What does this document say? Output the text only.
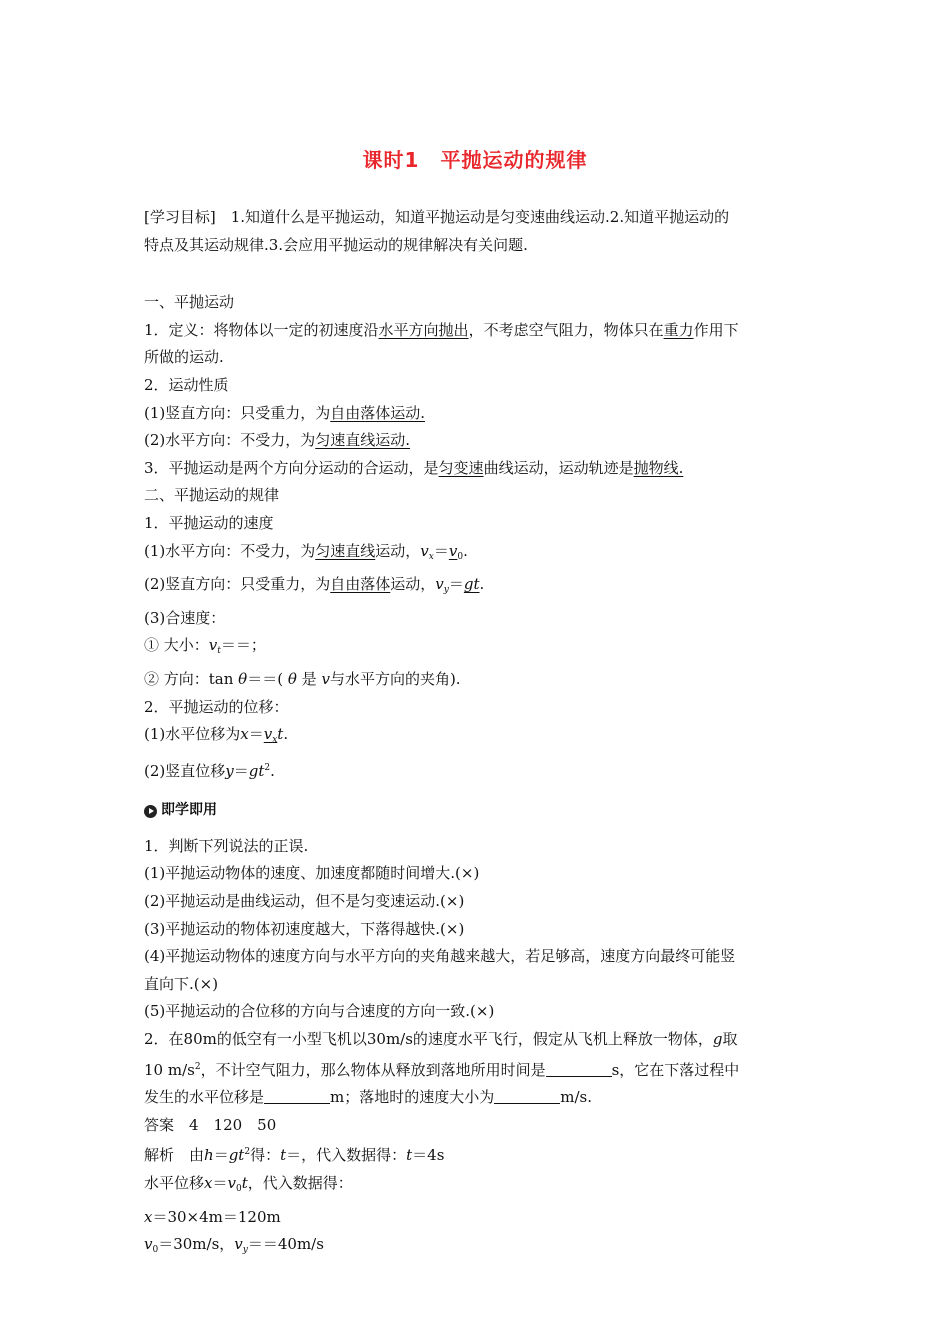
课时1　平抛运动的规律
[学习目标]　1.知道什么是平抛运动，知道平抛运动是匀变速曲线运动.2.知道平抛运动的
特点及其运动规律.3.会应用平抛运动的规律解决有关问题.
一、平抛运动
1．定义：将物体以一定的初速度沿水平方向抛出，不考虑空气阻力，物体只在重力作用下
所做的运动.
2．运动性质
(1)竖直方向：只受重力，为自由落体运动.
(2)水平方向：不受力，为匀速直线运动.
3．平抛运动是两个方向分运动的合运动，是匀变速曲线运动，运动轨迹是抛物线.
二、平抛运动的规律
1．平抛运动的速度
(1)水平方向：不受力，为匀速直线运动，$v_x=v_0$.
(2)竖直方向：只受重力，为自由落体运动，$v_y=gt$.
(3)合速度：
① 大小：$v_t==$；
② 方向：tan θ＝＝( θ 是 v与水平方向的夹角).
2．平抛运动的位移：
(1)水平位移为$x=v_xt$.
(2)竖直位移$y=gt^2$.
即学即用
1．判断下列说法的正误.
(1)平抛运动物体的速度、加速度都随时间增大.(×)
(2)平抛运动是曲线运动，但不是匀变速运动.(×)
(3)平抛运动的物体初速度越大，下落得越快.(×)
(4)平抛运动物体的速度方向与水平方向的夹角越来越大，若足够高，速度方向最终可能竖
直向下.(×)
(5)平抛运动的合位移的方向与合速度的方向一致.(×)
2．在80m的低空有一小型飞机以30m/s的速度水平飞行，假定从飞机上释放一物体，g取
10 $m/s^2$，不计空气阻力，那么物体从释放到落地所用时间是	s，它在下落过程中
发生的水平位移是	m；落地时的速度大小为	m/s.
答案　4　120　50
解析　由$h=gt^2$得：t＝，代入数据得：t＝4s
水平位移$x=v_0t$，代入数据得：
x＝30×4m＝120m
$v_0=30m/s$，$v_y==40m/s$
